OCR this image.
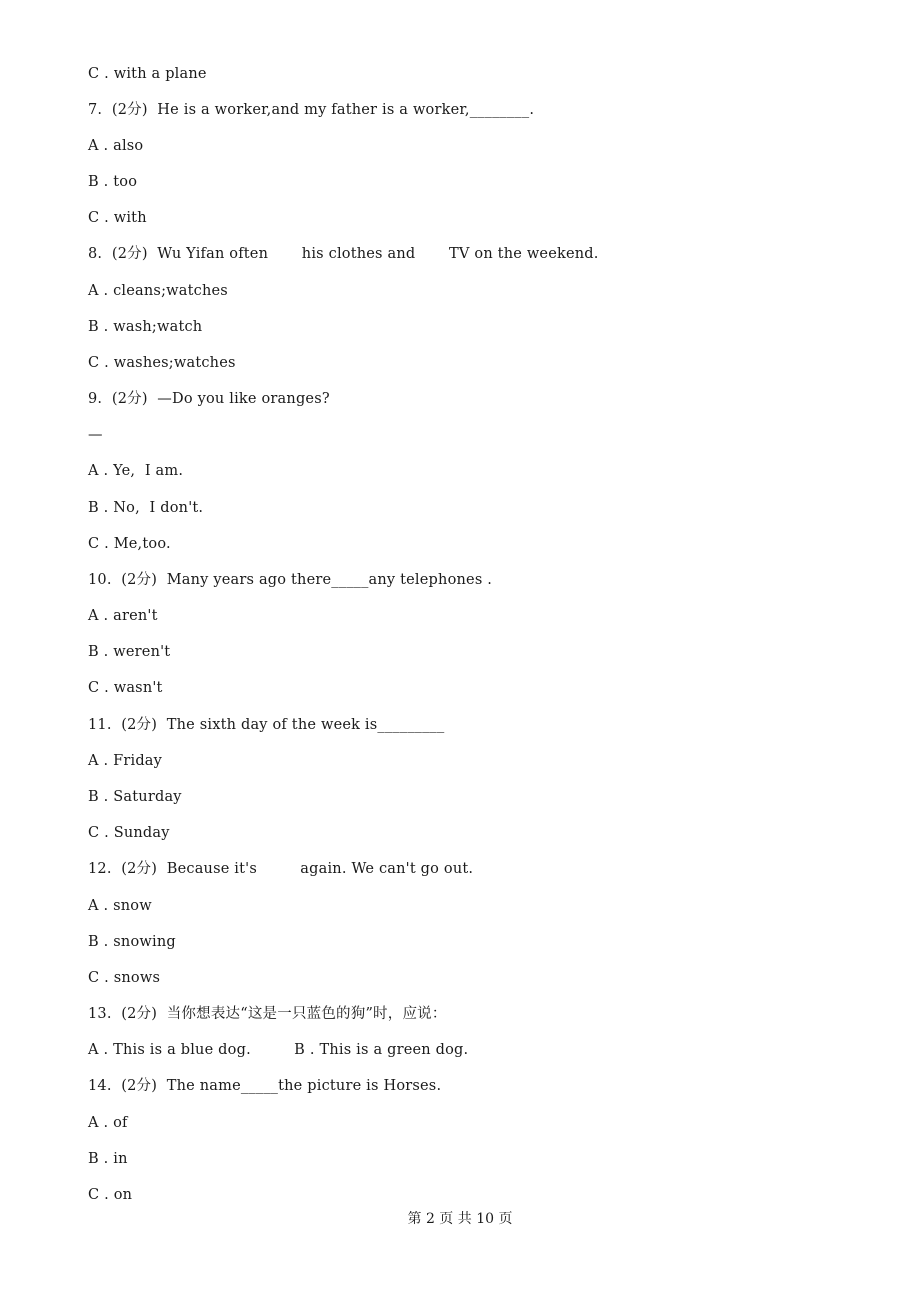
C . with a plane
7.  (2分)  He is a worker,and my father is a worker,________.
A . also
B . too
C . with
8.  (2分)  Wu Yifan often       his clothes and       TV on the weekend.
A . cleans;watches
B . wash;watch
C . washes;watches
9.  (2分)  —Do you like oranges?
—
A . Ye,  I am.
B . No,  I don't.
C . Me,too.
10.  (2分)  Many years ago there_____any telephones .
A . aren't
B . weren't
C . wasn't
11.  (2分)  The sixth day of the week is_________
A . Friday
B . Saturday
C . Sunday
12.  (2分)  Because it's         again. We can't go out.
A . snow
B . snowing
C . snows
13.  (2分)  当你想表达“这是一只蓝色的狗”时，应说：
A . This is a blue dog.         B . This is a green dog.
14.  (2分)  The name_____the picture is Horses.
A . of
B . in
C . on
第 2 页 共 10 页
